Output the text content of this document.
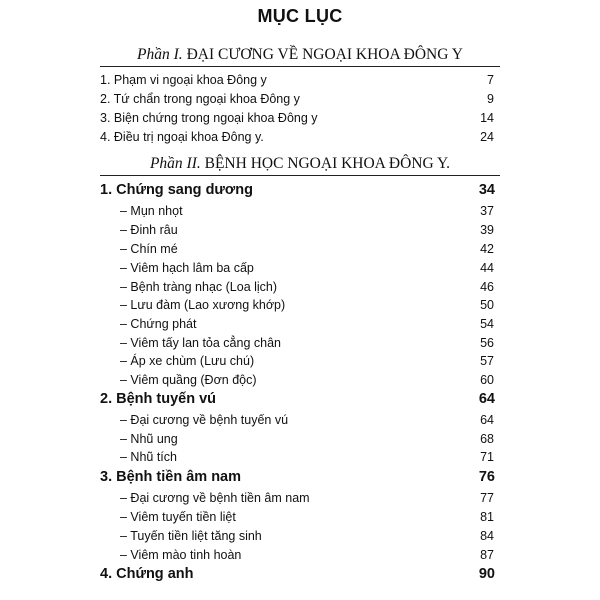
MỤC LỤC
Phần I. ĐẠI CƯƠNG VỀ NGOẠI KHOA ĐÔNG Y
1. Phạm vi ngoại khoa Đông y	7
2. Tứ chẩn trong ngoại khoa Đông y	9
3. Biện chứng trong ngoại khoa Đông y	14
4. Điều trị ngoại khoa Đông y.	24
Phần II. BỆNH HỌC NGOẠI KHOA ĐÔNG Y.
1. Chứng sang dương	34
– Mụn nhọt	37
– Đinh râu	39
– Chín mé	42
– Viêm hạch lâm ba cấp	44
– Bệnh tràng nhạc (Loa lịch)	46
– Lưu đàm (Lao xương khớp)	50
– Chứng phát	54
– Viêm tấy lan tỏa cẳng chân	56
– Áp xe chùm (Lưu chú)	57
– Viêm quầng (Đơn độc)	60
2. Bệnh tuyến vú	64
– Đại cương về bệnh tuyến vú	64
– Nhũ ung	68
– Nhũ tích	71
3. Bệnh tiền âm nam	76
– Đại cương về bệnh tiền âm nam	77
– Viêm tuyến tiền liệt	81
– Tuyến tiền liệt tăng sinh	84
– Viêm mào tinh hoàn	87
4. Chứng anh	90
